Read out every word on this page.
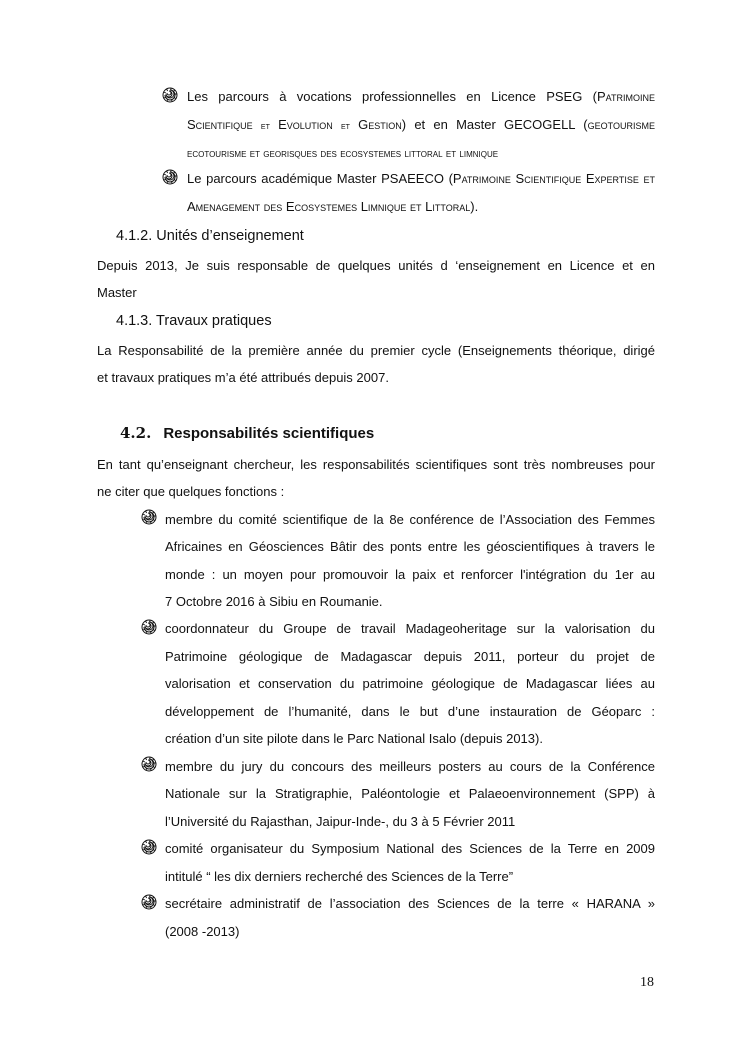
Les parcours à vocations professionnelles en Licence PSEG (Patrimoine
Scientifique et Evolution et Gestion) et en Master GECOGELL (geotourisme
ecotourisme et georisques des ecosystemes littoral et limnique
Le parcours académique Master PSAEECO (Patrimoine Scientifique Expertise et
Amenagement des Ecosystemes Limnique et Littoral).
4.1.2. Unités d’enseignement
Depuis 2013, Je suis responsable de quelques unités d ‘enseignement en Licence et en
Master
4.1.3. Travaux pratiques
La Responsabilité de la première année du premier cycle (Enseignements théorique, dirigé
et travaux pratiques m’a été attribués depuis 2007.
4.2. Responsabilités scientifiques
En tant qu’enseignant chercheur, les responsabilités scientifiques sont très nombreuses pour
ne citer que quelques fonctions :
membre du comité scientifique de la 8e conférence de l’Association des Femmes
Africaines en Géosciences Bâtir des ponts entre les géoscientifiques à travers le
monde : un moyen pour promouvoir la paix et renforcer l'intégration du 1er au
7 Octobre 2016 à Sibiu en Roumanie.
coordonnateur du Groupe de travail Madageoheritage sur la valorisation du
Patrimoine géologique de Madagascar depuis 2011, porteur du projet de
valorisation et conservation du patrimoine géologique de Madagascar liées au
développement de l’humanité, dans le but d’une instauration de Géoparc :
création d’un site pilote dans le Parc National Isalo (depuis 2013).
membre du jury du concours des meilleurs posters au cours de la Conférence
Nationale sur la Stratigraphie, Paléontologie et Palaeoenvironnement (SPP) à
l’Université du Rajasthan, Jaipur-Inde-, du 3 à 5 Février 2011
comité organisateur du Symposium National des Sciences de la Terre en 2009
intitulé “ les dix derniers recherché des Sciences de la Terre”
secrétaire administratif de l’association des Sciences de la terre « HARANA »
(2008 -2013)
18
